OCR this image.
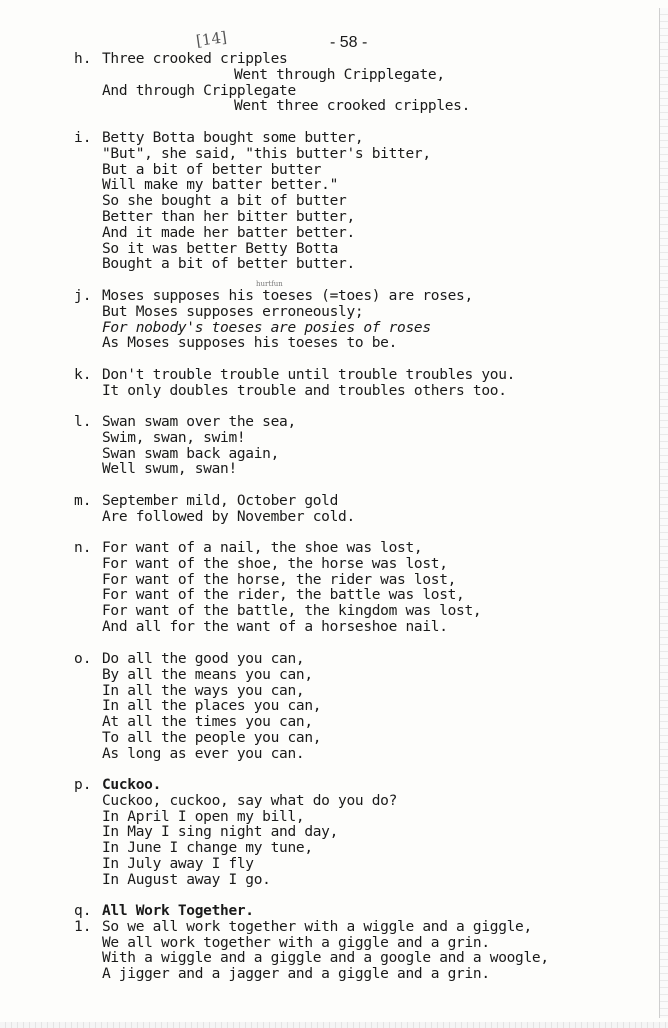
[14]	- 58 -
hurtfun
h. Three crooked cripples
Went through Cripplegate,
And through Cripplegate
Went three crooked cripples.
i. Betty Botta bought some butter,
"But", she said, "this butter's bitter,
But a bit of better butter
Will make my batter better."
So she bought a bit of butter
Better than her bitter butter,
And it made her batter better.
So it was better Betty Botta
Bought a bit of better butter.
j. Moses supposes his toeses (=toes) are roses,
But Moses supposes erroneously;
For nobody's toeses are posies of roses
As Moses supposes his toeses to be.
k. Don't trouble trouble until trouble troubles you.
It only doubles trouble and troubles others too.
l. Swan swam over the sea,
Swim, swan, swim!
Swan swam back again,
Well swum, swan!
m. September mild, October gold
Are followed by November cold.
n. For want of a nail, the shoe was lost,
For want of the shoe, the horse was lost,
For want of the horse, the rider was lost,
For want of the rider, the battle was lost,
For want of the battle, the kingdom was lost,
And all for the want of a horseshoe nail.
o. Do all the good you can,
By all the means you can,
In all the ways you can,
In all the places you can,
At all the times you can,
To all the people you can,
As long as ever you can.
p. Cuckoo.
Cuckoo, cuckoo, say what do you do?
In April I open my bill,
In May I sing night and day,
In June I change my tune,
In July away I fly
In August away I go.
q.
1.
All Work Together.
So we all work together with a wiggle and a giggle,
We all work together with a giggle and a grin.
With a wiggle and a giggle and a google and a woogle,
A jigger and a jagger and a giggle and a grin.
